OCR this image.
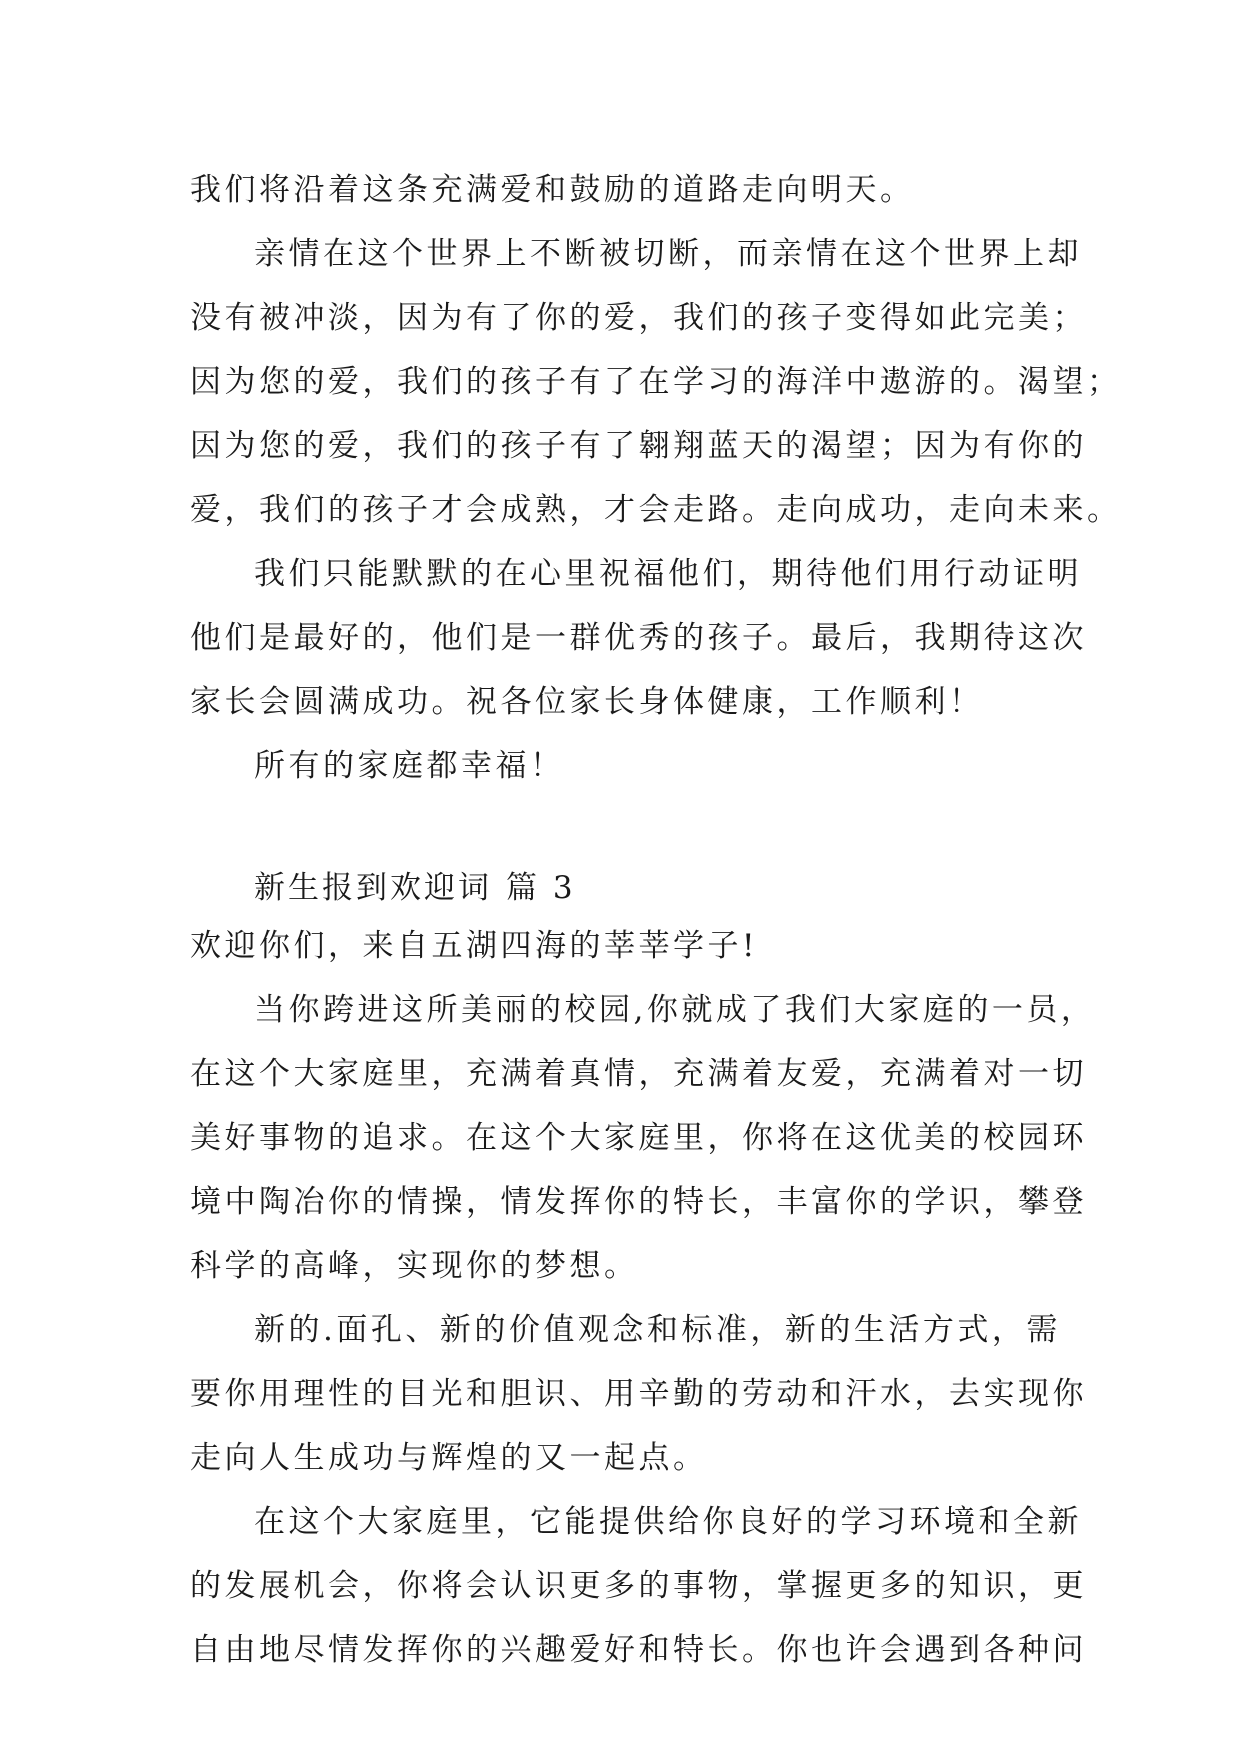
我们将沿着这条充满爱和鼓励的道路走向明天。

亲情在这个世界上不断被切断，而亲情在这个世界上却

没有被冲淡，因为有了你的爱，我们的孩子变得如此完美；

因为您的爱，我们的孩子有了在学习的海洋中遨游的。渴望；

因为您的爱，我们的孩子有了翱翔蓝天的渴望；因为有你的

爱，我们的孩子才会成熟，才会走路。走向成功，走向未来。

我们只能默默的在心里祝福他们，期待他们用行动证明

他们是最好的，他们是一群优秀的孩子。最后，我期待这次

家长会圆满成功。祝各位家长身体健康，工作顺利！

所有的家庭都幸福！

新生报到欢迎词 篇 3

欢迎你们，来自五湖四海的莘莘学子!

当你跨进这所美丽的校园,你就成了我们大家庭的一员，

在这个大家庭里，充满着真情，充满着友爱，充满着对一切

美好事物的追求。在这个大家庭里，你将在这优美的校园环

境中陶冶你的情操，情发挥你的特长，丰富你的学识，攀登

科学的高峰，实现你的梦想。

新的.面孔、新的价值观念和标准，新的生活方式，需

要你用理性的目光和胆识、用辛勤的劳动和汗水，去实现你

走向人生成功与辉煌的又一起点。

在这个大家庭里，它能提供给你良好的学习环境和全新

的发展机会，你将会认识更多的事物，掌握更多的知识，更

自由地尽情发挥你的兴趣爱好和特长。你也许会遇到各种问
